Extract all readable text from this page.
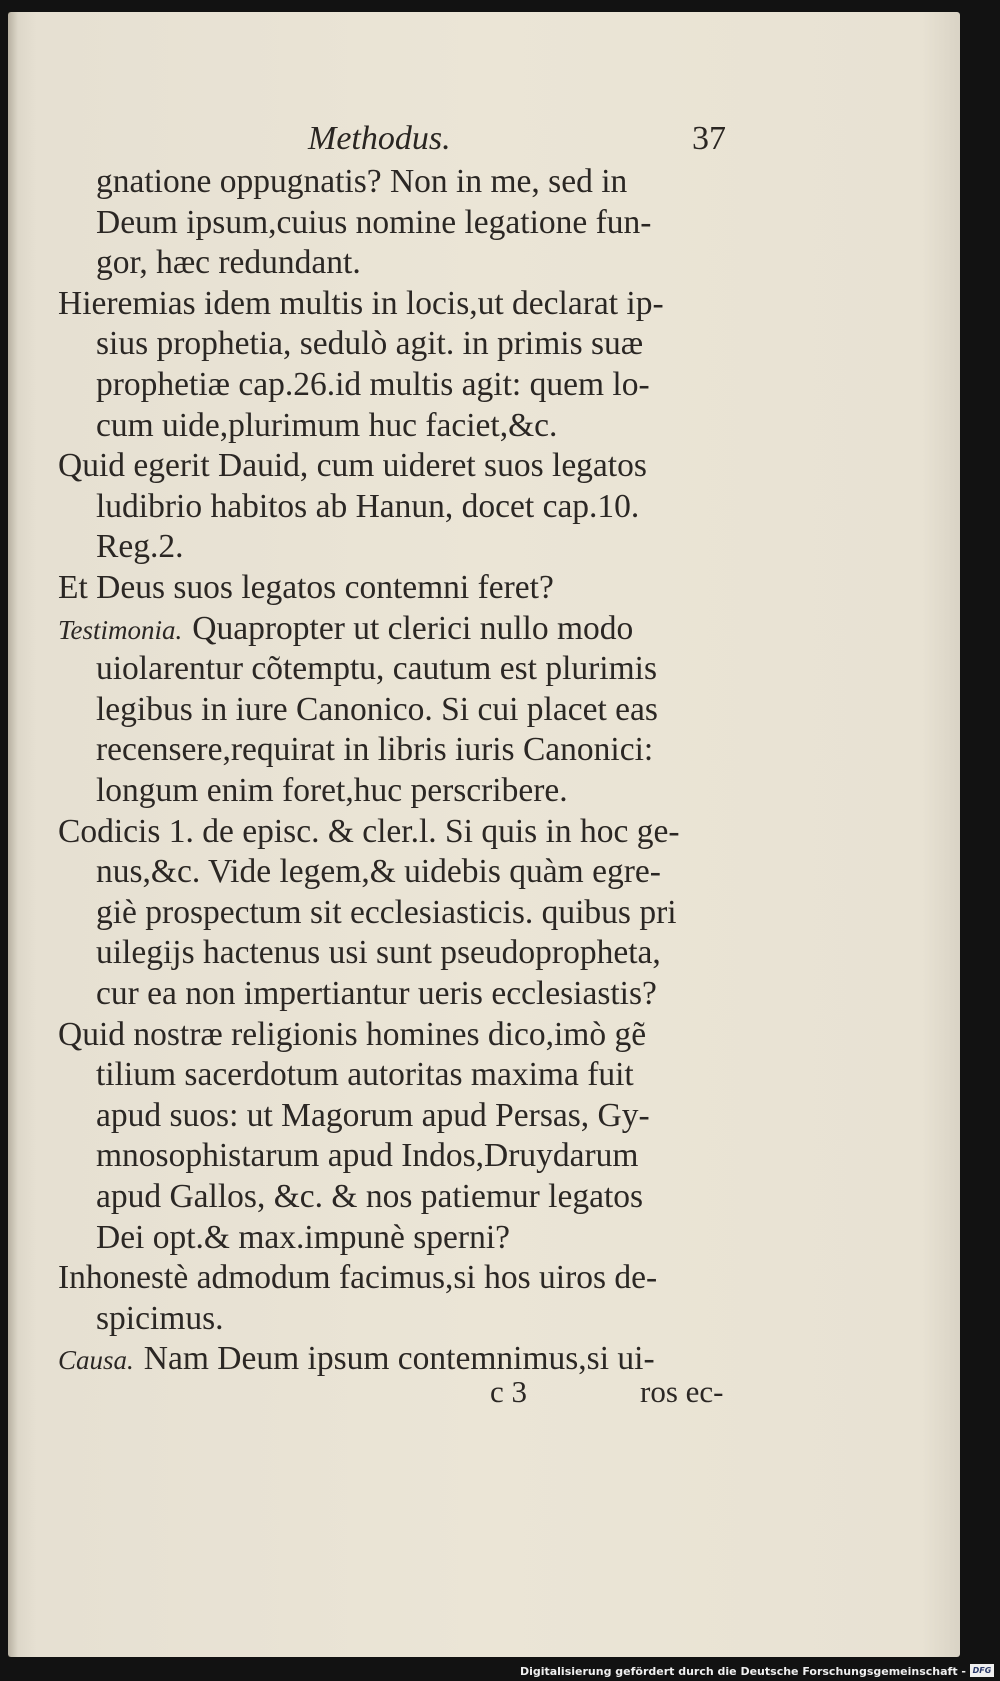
Methodus.	37
gnatione oppugnatis? Non in me, sed in
Deum ipsum,cuius nomine legatione fun-
gor, hæc redundant.
Hieremias idem multis in locis,ut declarat ip-
sius prophetia, sedulò agit. in primis suæ
prophetiæ cap.26.id multis agit: quem lo-
cum uide,plurimum huc faciet,&c.
Quid egerit Dauid, cum uideret suos legatos
ludibrio habitos ab Hanun, docet cap.10.
Reg.2.
Et Deus suos legatos contemni feret?
Testimonia. Quapropter ut clerici nullo modo
uiolarentur cõtemptu, cautum est plurimis
legibus in iure Canonico. Si cui placet eas
recensere,requirat in libris iuris Canonici:
longum enim foret,huc perscribere.
Codicis 1. de episc. & cler.l. Si quis in hoc ge-
nus,&c. Vide legem,& uidebis quàm egre-
giè prospectum sit ecclesiasticis. quibus pri
uilegijs hactenus usi sunt pseudopropheta,
cur ea non impertiantur ueris ecclesiastis?
Quid nostræ religionis homines dico,imò gẽ
tilium sacerdotum autoritas maxima fuit
apud suos: ut Magorum apud Persas, Gy-
mnosophistarum apud Indos,Druydarum
apud Gallos, &c. & nos patiemur legatos
Dei opt.& max.impunè sperni?
Inhonestè admodum facimus,si hos uiros de-
spicimus.
Causa. Nam Deum ipsum contemnimus,si ui-
c 3	ros ec-
Digitalisierung gefördert durch die Deutsche Forschungsgemeinschaft - DFG
